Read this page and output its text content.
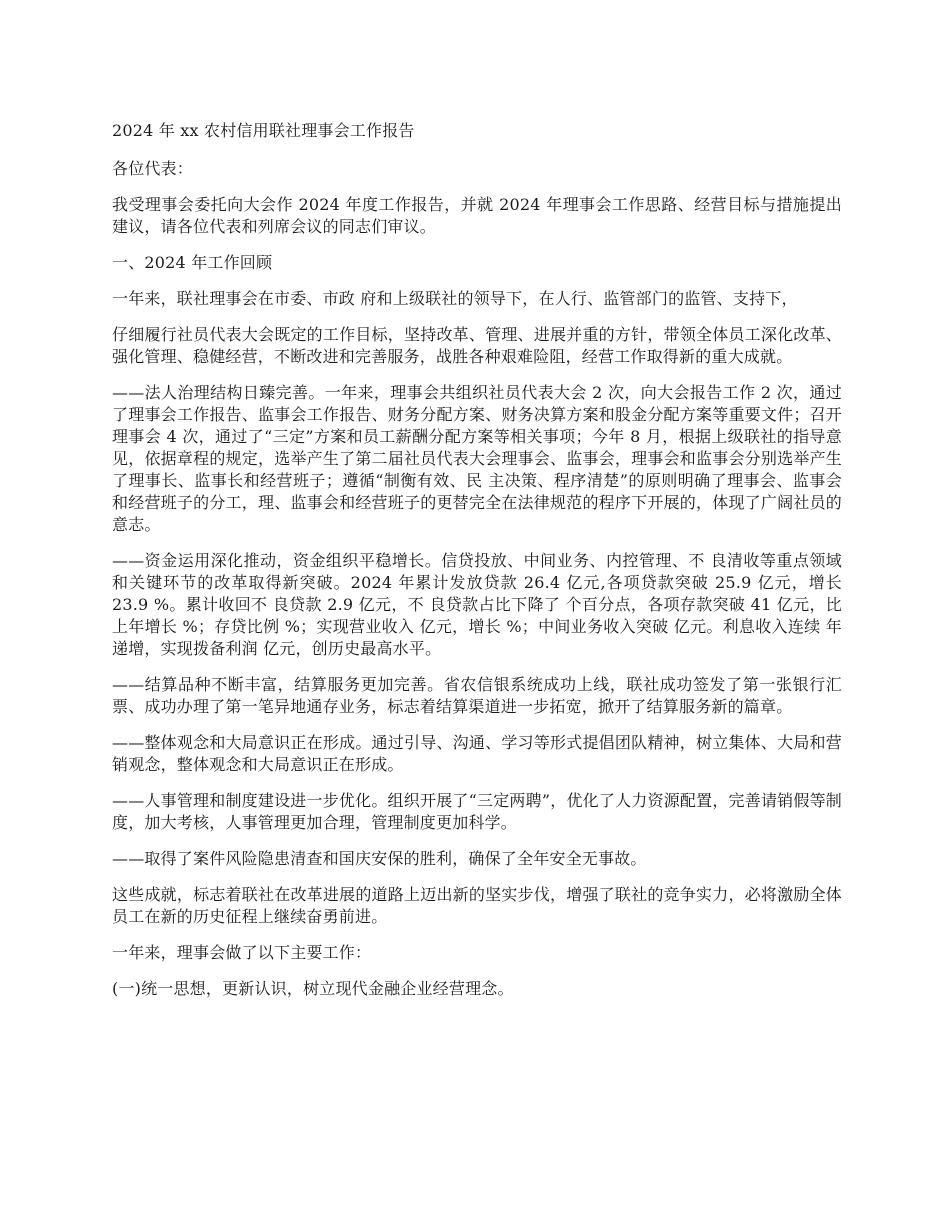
2024 年 xx 农村信用联社理事会工作报告

各位代表：

我受理事会委托向大会作 2024 年度工作报告，并就 2024 年理事会工作思路、经营目标与措施提出建议，请各位代表和列席会议的同志们审议。

一、2024 年工作回顾

一年来，联社理事会在市委、市政 府和上级联社的领导下，在人行、监管部门的监管、支持下，

仔细履行社员代表大会既定的工作目标，坚持改革、管理、进展并重的方针，带领全体员工深化改革、强化管理、稳健经营，不断改进和完善服务，战胜各种艰难险阻，经营工作取得新的重大成就。

——法人治理结构日臻完善。一年来，理事会共组织社员代表大会 2 次，向大会报告工作 2 次，通过了理事会工作报告、监事会工作报告、财务分配方案、财务决算方案和股金分配方案等重要文件；召开理事会 4 次，通过了“三定”方案和员工薪酬分配方案等相关事项；今年 8 月，根据上级联社的指导意见，依据章程的规定，选举产生了第二届社员代表大会理事会、监事会，理事会和监事会分别选举产生了理事长、监事长和经营班子；遵循“制衡有效、民 主决策、程序清楚”的原则明确了理事会、监事会和经营班子的分工，理、监事会和经营班子的更替完全在法律规范的程序下开展的，体现了广阔社员的意志。

——资金运用深化推动，资金组织平稳增长。信贷投放、中间业务、内控管理、不 良清收等重点领域和关键环节的改革取得新突破。2024 年累计发放贷款 26.4 亿元,各项贷款突破 25.9 亿元，增长 23.9 %。累计收回不 良贷款 2.9 亿元，不 良贷款占比下降了 个百分点，各项存款突破 41 亿元，比上年增长 %；存贷比例 %；实现营业收入 亿元，增长 %；中间业务收入突破 亿元。利息收入连续 年递增，实现拨备利润 亿元，创历史最高水平。

——结算品种不断丰富，结算服务更加完善。省农信银系统成功上线，联社成功签发了第一张银行汇票、成功办理了第一笔异地通存业务，标志着结算渠道进一步拓宽，掀开了结算服务新的篇章。

——整体观念和大局意识正在形成。通过引导、沟通、学习等形式提倡团队精神，树立集体、大局和营销观念，整体观念和大局意识正在形成。

——人事管理和制度建设进一步优化。组织开展了“三定两聘”，优化了人力资源配置，完善请销假等制度，加大考核，人事管理更加合理，管理制度更加科学。

——取得了案件风险隐患清查和国庆安保的胜利，确保了全年安全无事故。

这些成就，标志着联社在改革进展的道路上迈出新的坚实步伐，增强了联社的竞争实力，必将激励全体员工在新的历史征程上继续奋勇前进。

一年来，理事会做了以下主要工作：

(一)统一思想，更新认识，树立现代金融企业经营理念。
